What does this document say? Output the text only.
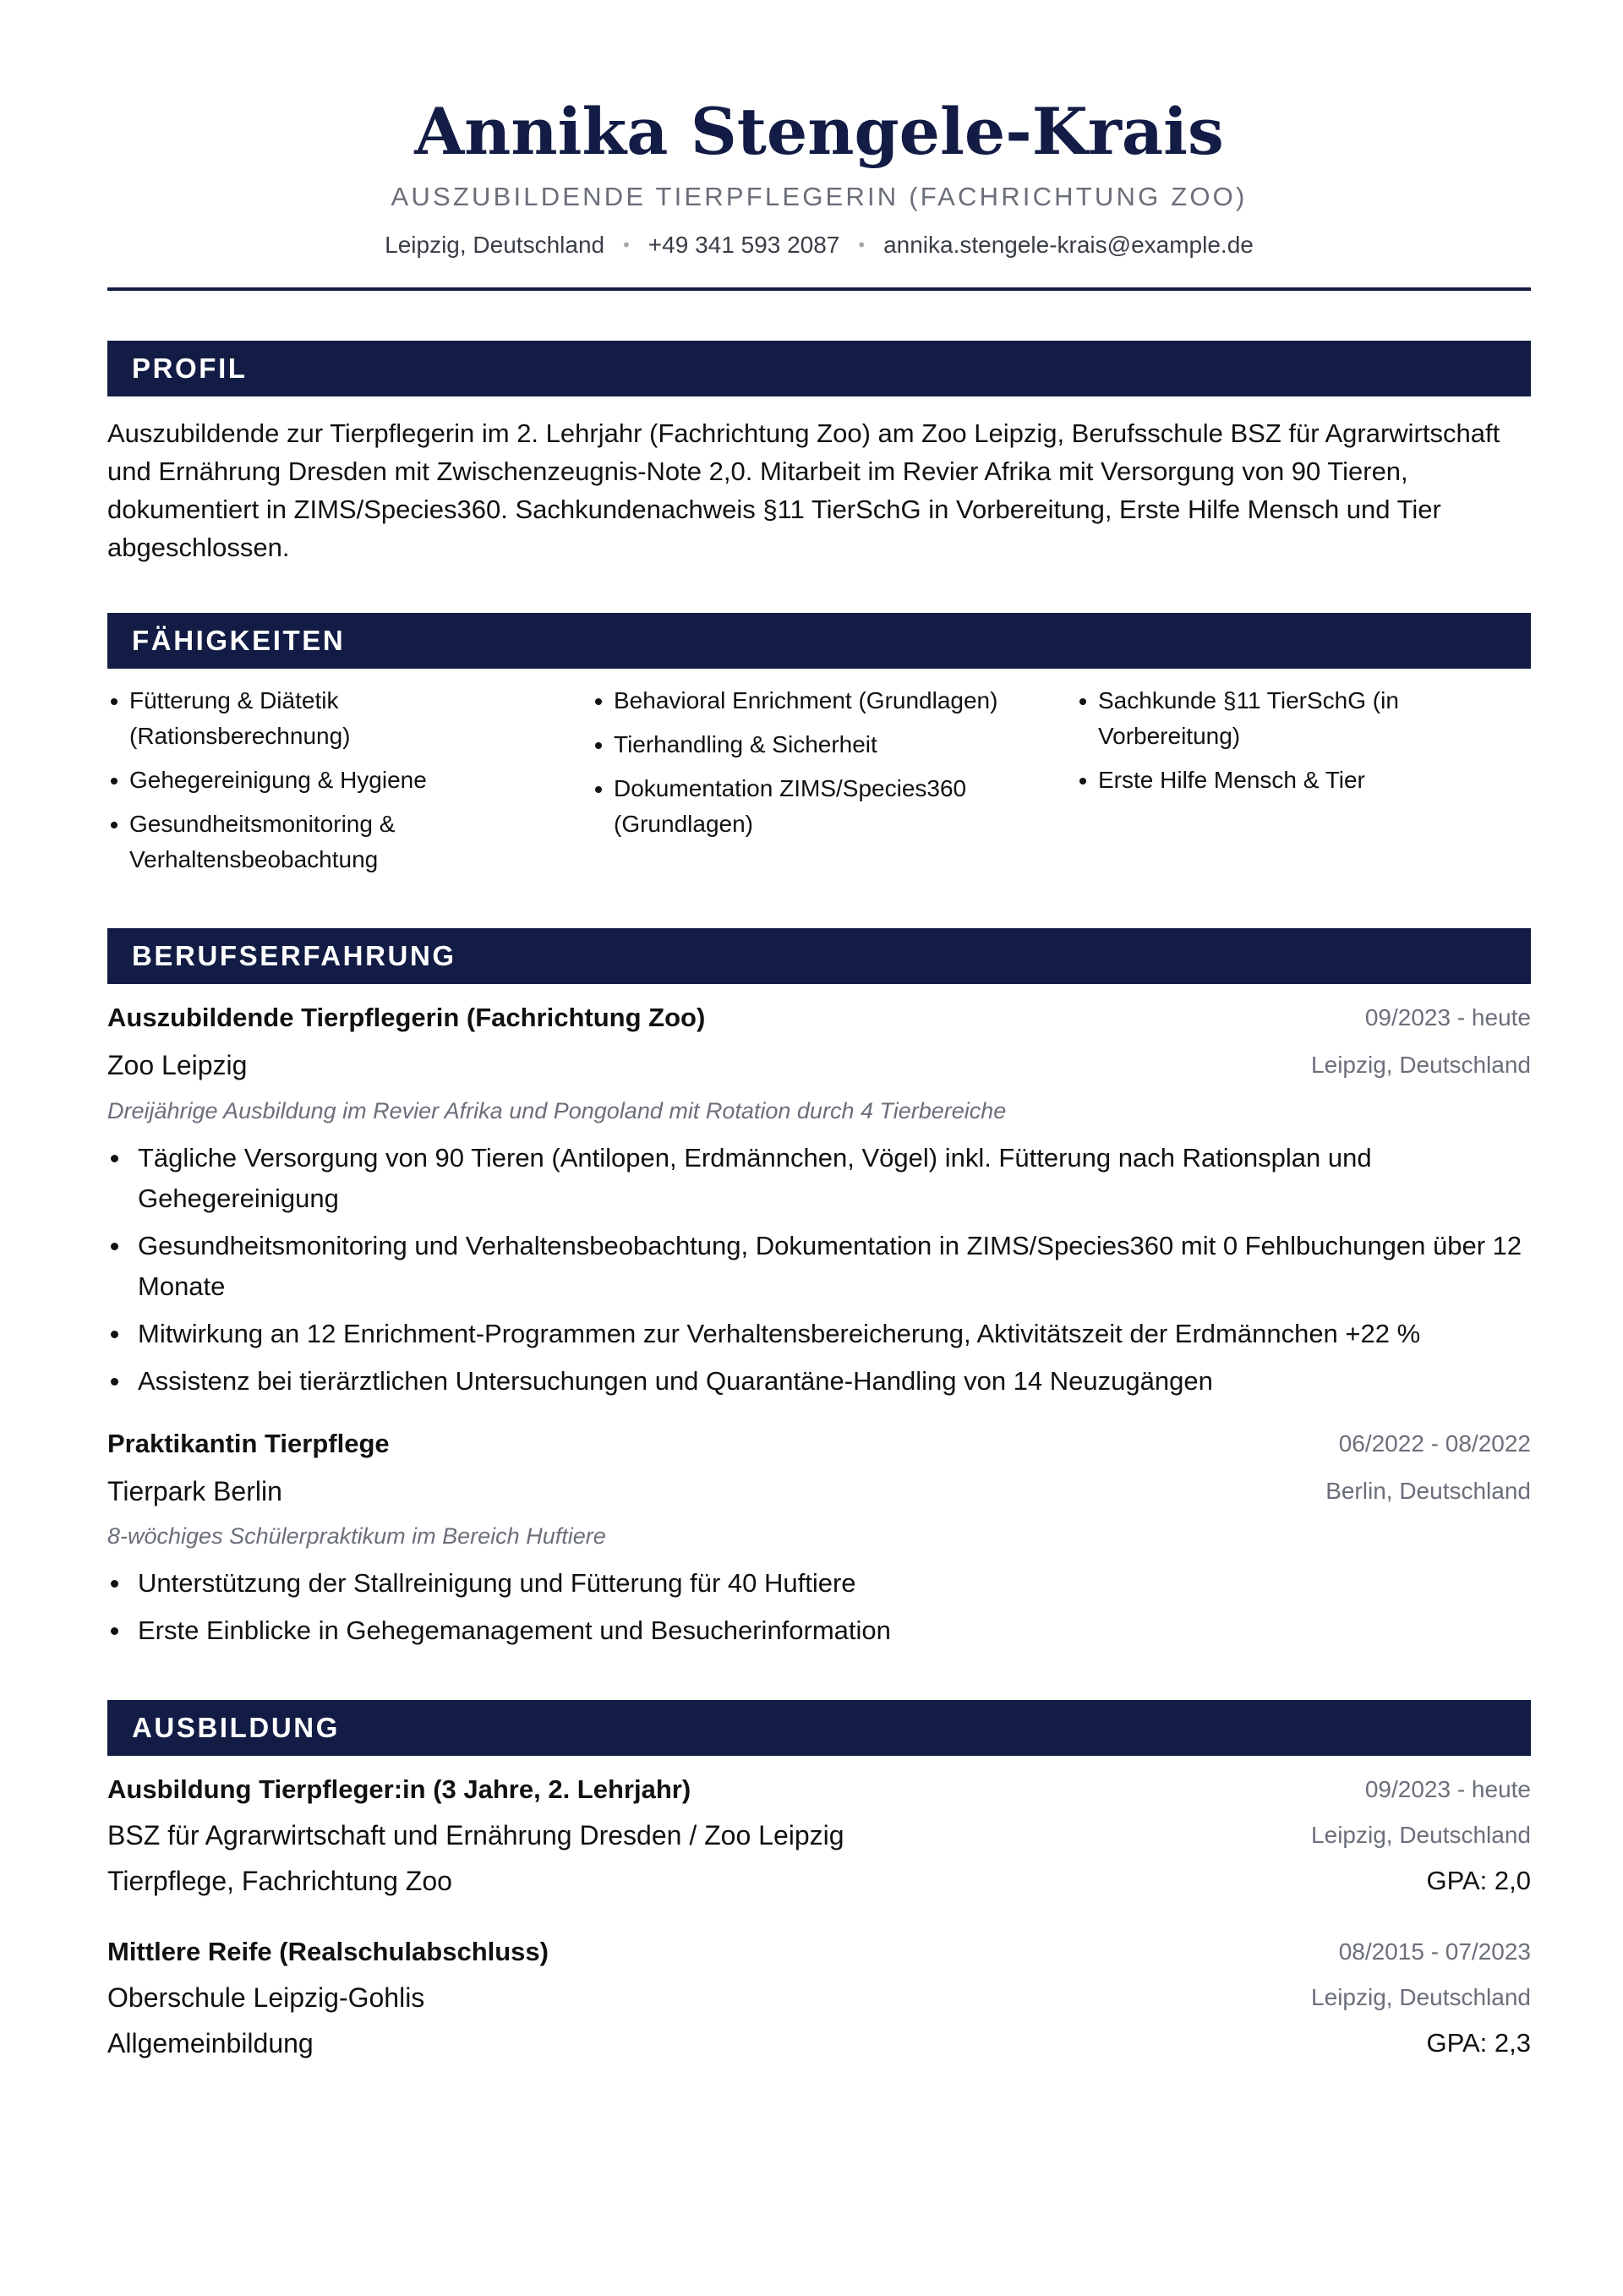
Annika Stengele-Krais
AUSZUBILDENDE TIERPFLEGERIN (FACHRICHTUNG ZOO)
Leipzig, Deutschland • +49 341 593 2087 • annika.stengele-krais@example.de
PROFIL
Auszubildende zur Tierpflegerin im 2. Lehrjahr (Fachrichtung Zoo) am Zoo Leipzig, Berufsschule BSZ für Agrarwirtschaft und Ernährung Dresden mit Zwischenzeugnis-Note 2,0. Mitarbeit im Revier Afrika mit Versorgung von 90 Tieren, dokumentiert in ZIMS/Species360. Sachkundenachweis §11 TierSchG in Vorbereitung, Erste Hilfe Mensch und Tier abgeschlossen.
FÄHIGKEITEN
Fütterung & Diätetik (Rationsberechnung)
Gehegereinigung & Hygiene
Gesundheitsmonitoring & Verhaltensbeobachtung
Behavioral Enrichment (Grundlagen)
Tierhandling & Sicherheit
Dokumentation ZIMS/Species360 (Grundlagen)
Sachkunde §11 TierSchG (in Vorbereitung)
Erste Hilfe Mensch & Tier
BERUFSERFAHRUNG
Auszubildende Tierpflegerin (Fachrichtung Zoo)	09/2023 - heute
Zoo Leipzig	Leipzig, Deutschland
Dreijährige Ausbildung im Revier Afrika und Pongoland mit Rotation durch 4 Tierbereiche
Tägliche Versorgung von 90 Tieren (Antilopen, Erdmännchen, Vögel) inkl. Fütterung nach Rationsplan und Gehegereinigung
Gesundheitsmonitoring und Verhaltensbeobachtung, Dokumentation in ZIMS/Species360 mit 0 Fehlbuchungen über 12 Monate
Mitwirkung an 12 Enrichment-Programmen zur Verhaltensbereicherung, Aktivitätszeit der Erdmännchen +22 %
Assistenz bei tierärztlichen Untersuchungen und Quarantäne-Handling von 14 Neuzugängen
Praktikantin Tierpflege	06/2022 - 08/2022
Tierpark Berlin	Berlin, Deutschland
8-wöchiges Schülerpraktikum im Bereich Huftiere
Unterstützung der Stallreinigung und Fütterung für 40 Huftiere
Erste Einblicke in Gehegemanagement und Besucherinformation
AUSBILDUNG
Ausbildung Tierpfleger:in (3 Jahre, 2. Lehrjahr)	09/2023 - heute
BSZ für Agrarwirtschaft und Ernährung Dresden / Zoo Leipzig	Leipzig, Deutschland
Tierpflege, Fachrichtung Zoo	GPA: 2,0
Mittlere Reife (Realschulabschluss)	08/2015 - 07/2023
Oberschule Leipzig-Gohlis	Leipzig, Deutschland
Allgemeinbildung	GPA: 2,3
